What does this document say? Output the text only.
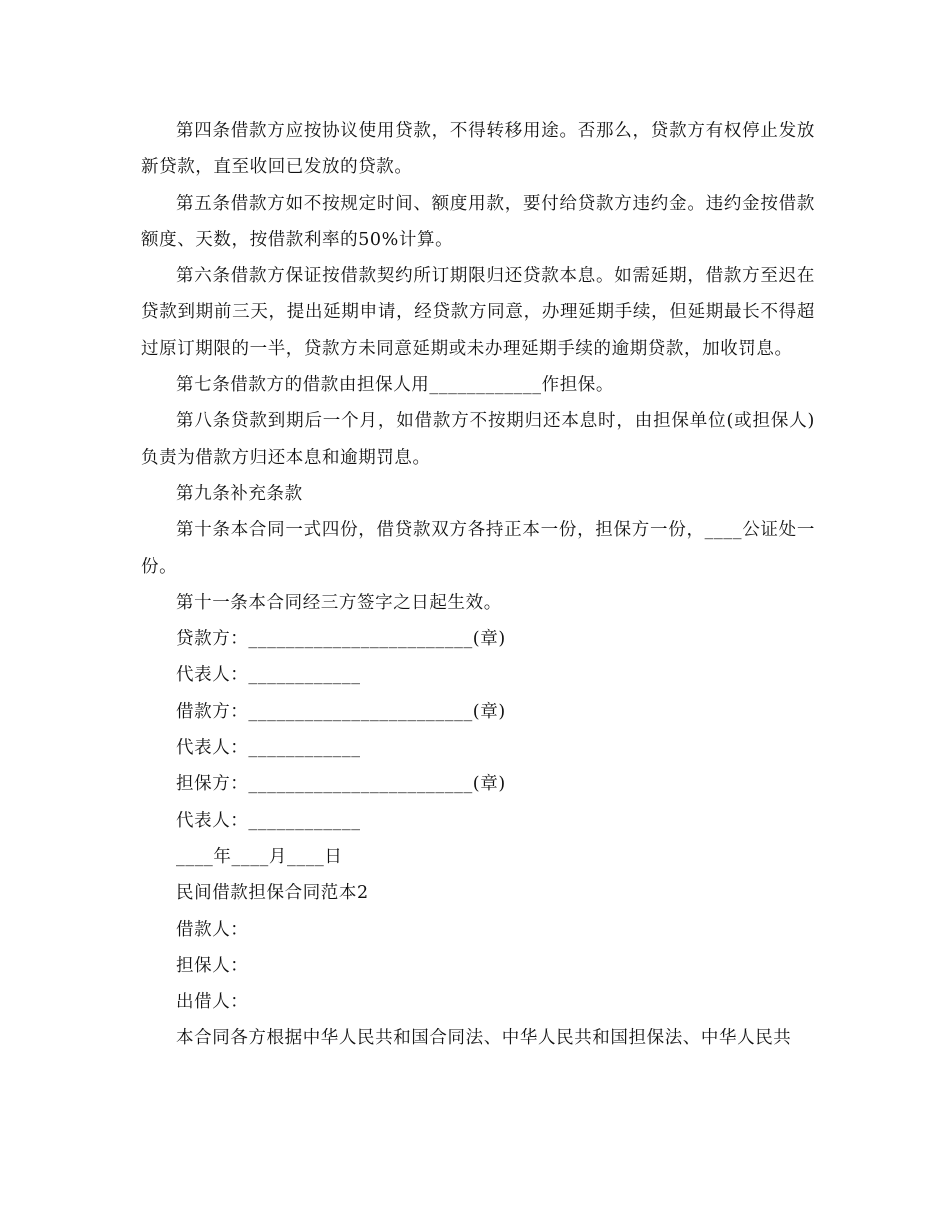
第四条借款方应按协议使用贷款，不得转移用途。否那么，贷款方有权停止发放新贷款，直至收回已发放的贷款。

第五条借款方如不按规定时间、额度用款，要付给贷款方违约金。违约金按借款额度、天数，按借款利率的50%计算。

第六条借款方保证按借款契约所订期限归还贷款本息。如需延期，借款方至迟在贷款到期前三天，提出延期申请，经贷款方同意，办理延期手续，但延期最长不得超过原订期限的一半，贷款方未同意延期或未办理延期手续的逾期贷款，加收罚息。

第七条借款方的借款由担保人用____________作担保。

第八条贷款到期后一个月，如借款方不按期归还本息时，由担保单位(或担保人)负责为借款方归还本息和逾期罚息。

第九条补充条款

第十条本合同一式四份，借贷款双方各持正本一份，担保方一份，____公证处一份。

第十一条本合同经三方签字之日起生效。

贷款方：________________________(章)

代表人：____________

借款方：________________________(章)

代表人：____________

担保方：________________________(章)

代表人：____________

____年____月____日

民间借款担保合同范本2

借款人：

担保人：

出借人：

本合同各方根据中华人民共和国合同法、中华人民共和国担保法、中华人民共
